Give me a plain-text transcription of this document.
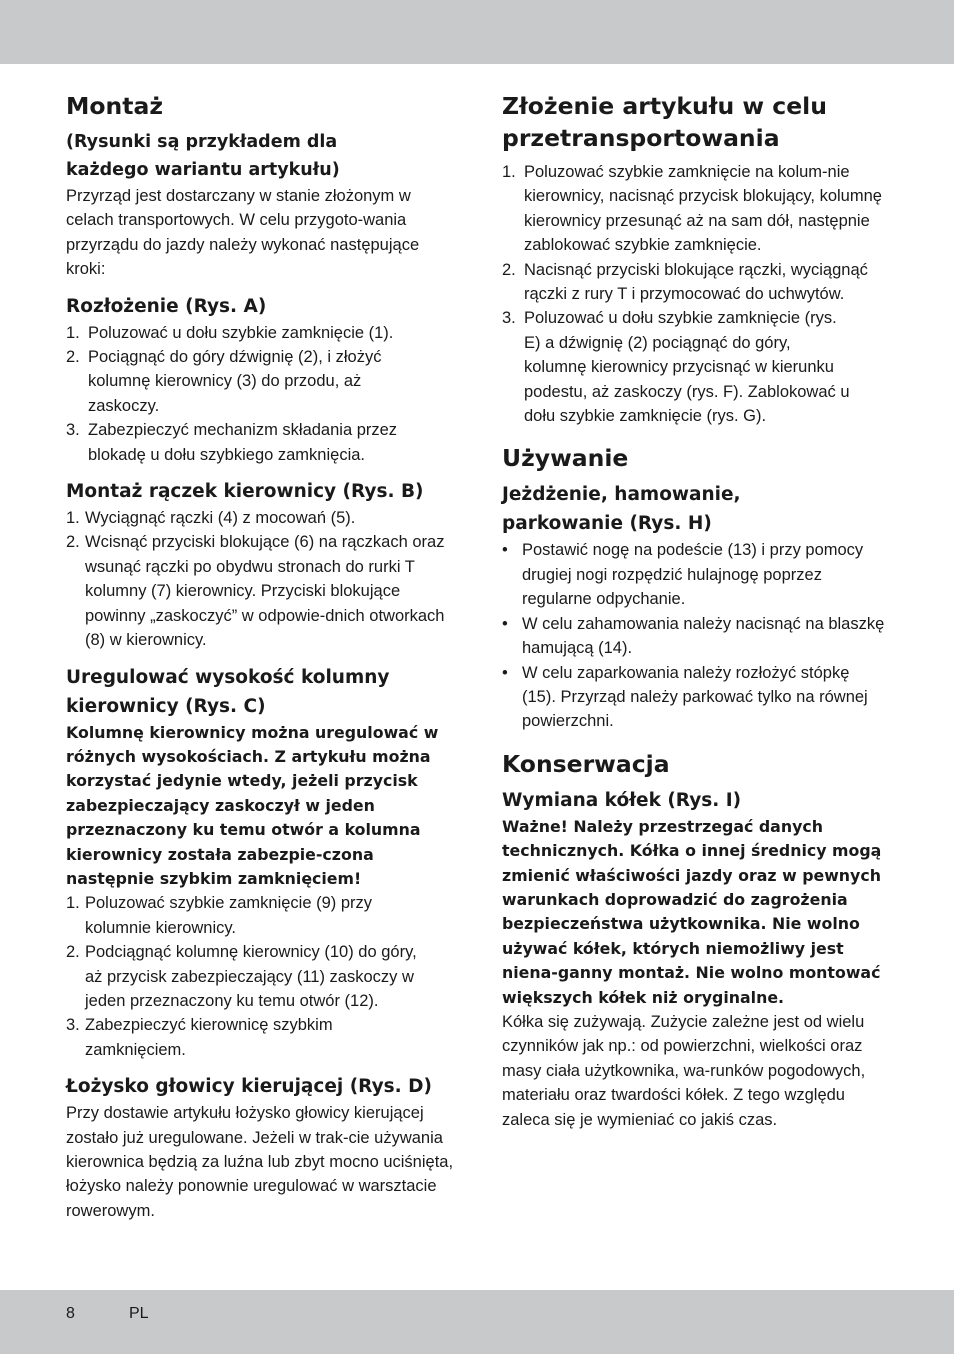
Montaż

(Rysunki są przykładem dla każdego wariantu artykułu)

Przyrząd jest dostarczany w stanie złożonym w celach transportowych. W celu przygoto-wania przyrządu do jazdy należy wykonać następujące kroki:

Rozłożenie (Rys. A)
1. Poluzować u dołu szybkie zamknięcie (1).
2. Pociągnąć do góry dźwignię (2), i złożyć kolumnę kierownicy (3) do przodu, aż zaskoczy.
3. Zabezpieczyć mechanizm składania przez blokadę u dołu szybkiego zamknięcia.
Montaż rączek kierownicy (Rys. B)
1. Wyciągnąć rączki (4) z mocowań (5).
2. Wcisnąć przyciski blokujące (6) na rączkach oraz wsunąć rączki po obydwu stronach do rurki T kolumny (7) kierownicy. Przyciski blokujące powinny „zaskoczyć” w odpowie-dnich otworkach (8) w kierownicy.
Uregulować wysokość kolumny kierownicy (Rys. C)

Kolumnę kierownicy można uregulować w różnych wysokościach. Z artykułu można korzystać jedynie wtedy, jeżeli przycisk zabezpieczający zaskoczył w jeden przeznaczony ku temu otwór a kolumna kierownicy została zabezpie-czona następnie szybkim zamknięciem!

1. Poluzować szybkie zamknięcie (9) przy kolumnie kierownicy.
2. Podciągnąć kolumnę kierownicy (10) do góry, aż przycisk zabezpieczający (11) zaskoczy w jeden przeznaczony ku temu otwór (12).
3. Zabezpieczyć kierownicę szybkim zamknięciem.
Łożysko głowicy kierującej (Rys. D)

Przy dostawie artykułu łożysko głowicy kierującej zostało już uregulowane. Jeżeli w trak-cie używania kierownica będzią za luźna lub zbyt mocno uciśnięta, łożysko należy ponownie uregulować w warsztacie rowerowym.

Złożenie artykułu w celu przetransportowania
1. Poluzować szybkie zamknięcie na kolum-nie kierownicy, nacisnąć przycisk blokujący, kolumnę kierownicy przesunąć aż na sam dół, następnie zablokować szybkie zamknięcie.
2. Nacisnąć przyciski blokujące rączki, wyciągnąć rączki z rury T i przymocować do uchwytów.
3. Poluzować u dołu szybkie zamknięcie (rys. E) a dźwignię (2) pociągnąć do góry, kolumnę kierownicy przycisnąć w kierunku podestu, aż zaskoczy (rys. F). Zablokować u dołu szybkie zamknięcie (rys. G).
Używanie
Jeżdżenie, hamowanie, parkowanie (Rys. H)
• Postawić nogę na podeście (13) i przy pomocy drugiej nogi rozpędzić hulajnogę poprzez regularne odpychanie.
• W celu zahamowania należy nacisnąć na blaszkę hamującą (14).
• W celu zaparkowania należy rozłożyć stópkę (15). Przyrząd należy parkować tylko na równej powierzchni.
Konserwacja
Wymiana kółek (Rys. I)

Ważne! Należy przestrzegać danych technicznych. Kółka o innej średnicy mogą zmienić właściwości jazdy oraz w pewnych warunkach doprowadzić do zagrożenia bezpieczeństwa użytkownika. Nie wolno używać kółek, których niemożliwy jest niena-ganny montaż. Nie wolno montować większych kółek niż oryginalne.

Kółka się zużywają. Zużycie zależne jest od wielu czynników jak np.: od powierzchni, wielkości oraz masy ciała użytkownika, wa-runków pogodowych, materiału oraz twardości kółek. Z tego względu zaleca się je wymieniać co jakiś czas.

8	PL
